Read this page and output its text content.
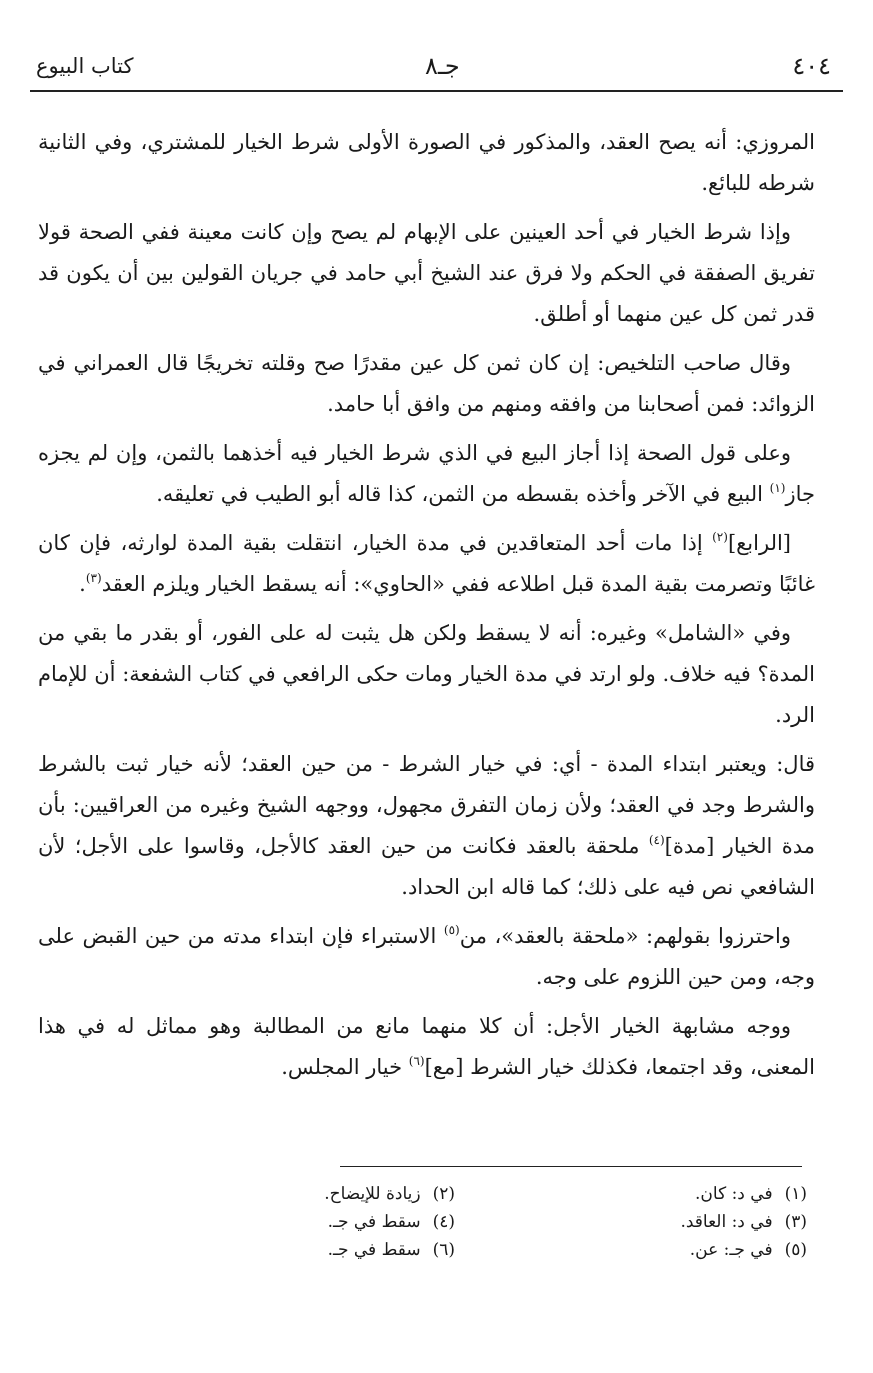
٤٠٤
جـ٨
كتاب البيوع

المروزي: أنه يصح العقد، والمذكور في الصورة الأولى شرط الخيار للمشتري، وفي الثانية شرطه للبائع.

وإذا شرط الخيار في أحد العينين على الإبهام لم يصح وإن كانت معينة ففي الصحة قولا تفريق الصفقة في الحكم ولا فرق عند الشيخ أبي حامد في جريان القولين بين أن يكون قد قدر ثمن كل عين منهما أو أطلق.

وقال صاحب التلخيص: إن كان ثمن كل عين مقدرًا صح وقلته تخريجًا قال العمراني في الزوائد: فمن أصحابنا من وافقه ومنهم من وافق أبا حامد.

وعلى قول الصحة إذا أجاز البيع في الذي شرط الخيار فيه أخذهما بالثمن، وإن لم يجزه جاز$^{(١)}$ البيع في الآخر وأخذه بقسطه من الثمن، كذا قاله أبو الطيب في تعليقه.

[الرابع]$^{(٢)}$ إذا مات أحد المتعاقدين في مدة الخيار، انتقلت بقية المدة لوارثه، فإن كان غائبًا وتصرمت بقية المدة قبل اطلاعه ففي «الحاوي»: أنه يسقط الخيار ويلزم العقد$^{(٣)}$.

وفي «الشامل» وغيره: أنه لا يسقط ولكن هل يثبت له على الفور، أو بقدر ما بقي من المدة؟ فيه خلاف. ولو ارتد في مدة الخيار ومات حكى الرافعي في كتاب الشفعة: أن للإمام الرد.

قال: ويعتبر ابتداء المدة - أي: في خيار الشرط - من حين العقد؛ لأنه خيار ثبت بالشرط والشرط وجد في العقد؛ ولأن زمان التفرق مجهول، ووجهه الشيخ وغيره من العراقيين: بأن مدة الخيار [مدة]$^{(٤)}$ ملحقة بالعقد فكانت من حين العقد كالأجل، وقاسوا على الأجل؛ لأن الشافعي نص فيه على ذلك؛ كما قاله ابن الحداد.

واحترزوا بقولهم: «ملحقة بالعقد»، من$^{(٥)}$ الاستبراء فإن ابتداء مدته من حين القبض على وجه، ومن حين اللزوم على وجه.

ووجه مشابهة الخيار الأجل: أن كلا منهما مانع من المطالبة وهو مماثل له في هذا المعنى، وقد اجتمعا، فكذلك خيار الشرط [مع]$^{(٦)}$ خيار المجلس.

(١)في د: كان.
(٢)زيادة للإيضاح.
(٣)في د: العاقد.
(٤)سقط في جـ.
(٥)في جـ: عن.
(٦)سقط في جـ.
